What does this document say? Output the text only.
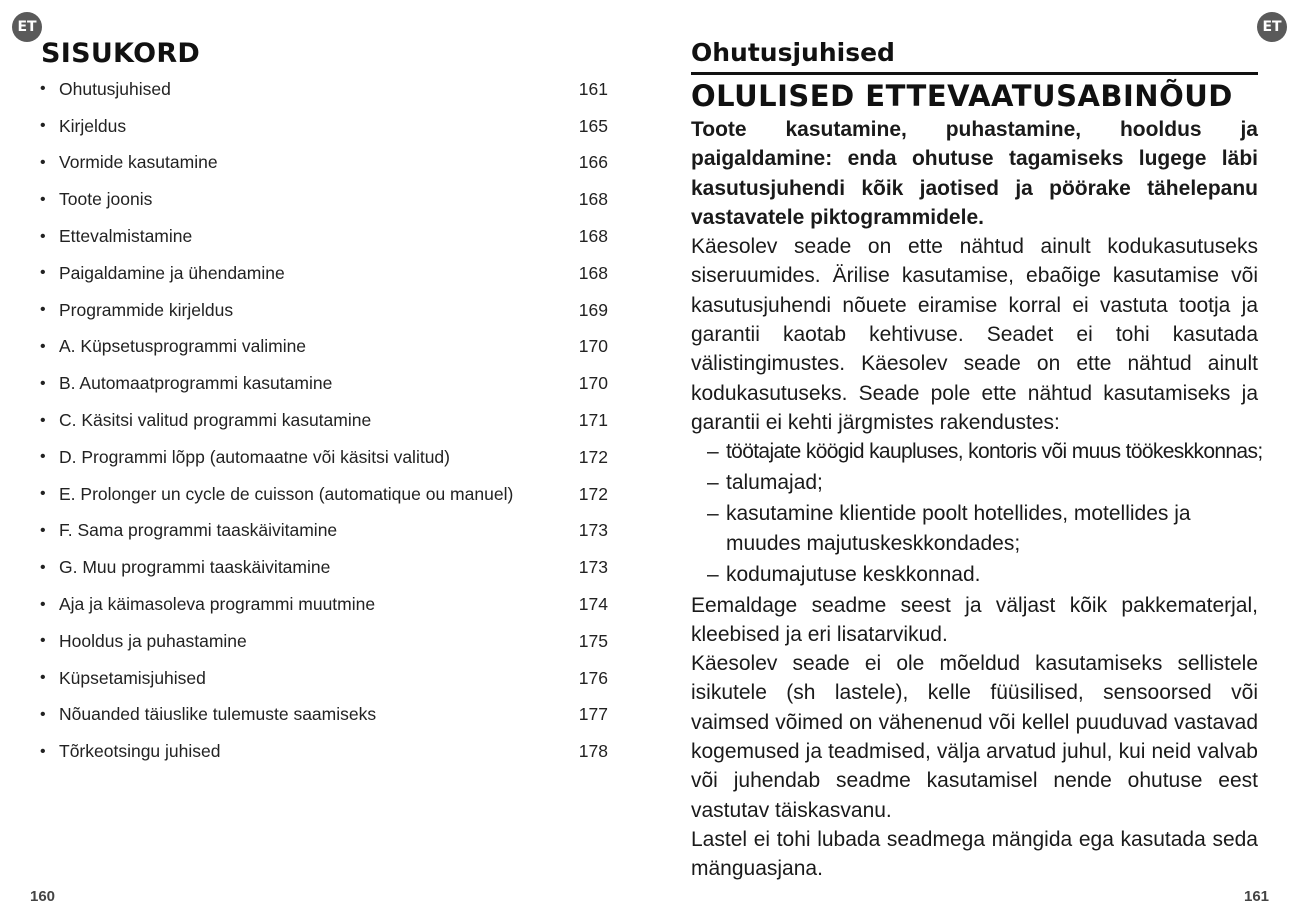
ET	ET
SISUKORD
• Ohutusjuhised	161
• Kirjeldus	165
• Vormide kasutamine	166
• Toote joonis	168
• Ettevalmistamine	168
• Paigaldamine ja ühendamine	168
• Programmide kirjeldus	169
• A. Küpsetusprogrammi valimine	170
• B. Automaatprogrammi kasutamine	170
• C. Käsitsi valitud programmi kasutamine	171
• D. Programmi lõpp (automaatne või käsitsi valitud)	172
• E. Prolonger un cycle de cuisson (automatique ou manuel)	172
• F. Sama programmi taaskäivitamine	173
• G. Muu programmi taaskäivitamine	173
• Aja ja käimasoleva programmi muutmine	174
• Hooldus ja puhastamine	175
• Küpsetamisjuhised	176
• Nõuanded täiuslike tulemuste saamiseks	177
• Tõrkeotsingu juhised	178
Ohutusjuhised
OLULISED ETTEVAATUSABINÕUD

Toote kasutamine, puhastamine, hooldus ja paigaldamine: enda ohutuse tagamiseks lugege läbi kasutusjuhendi kõik jaotised ja pöörake tähelepanu vastavatele piktogrammidele.

Käesolev seade on ette nähtud ainult kodukasutuseks siseruumides. Ärilise kasutamise, ebaõige kasutamise või kasutusjuhendi nõuete eiramise korral ei vastuta tootja ja garantii kaotab kehtivuse. Seadet ei tohi kasutada välistingimustes. Käesolev seade on ette nähtud ainult kodukasutuseks. Seade pole ette nähtud kasutamiseks ja garantii ei kehti järgmistes rakendustes:

– töötajate köögid kaupluses, kontoris või muus töökeskkonnas;
– talumajad;
– kasutamine klientide poolt hotellides, motellides ja muudes majutuskeskkondades;
– kodumajutuse keskkonnad.

Eemaldage seadme seest ja väljast kõik pakkematerjal, kleebised ja eri lisatarvikud.

Käesolev seade ei ole mõeldud kasutamiseks sellistele isikutele (sh lastele), kelle füüsilised, sensoorsed või vaimsed võimed on vähenenud või kellel puuduvad vastavad kogemused ja teadmised, välja arvatud juhul, kui neid valvab või juhendab seadme kasutamisel nende ohutuse eest vastutav täiskasvanu.

Lastel ei tohi lubada seadmega mängida ega kasutada seda mänguasjana.

160	161
